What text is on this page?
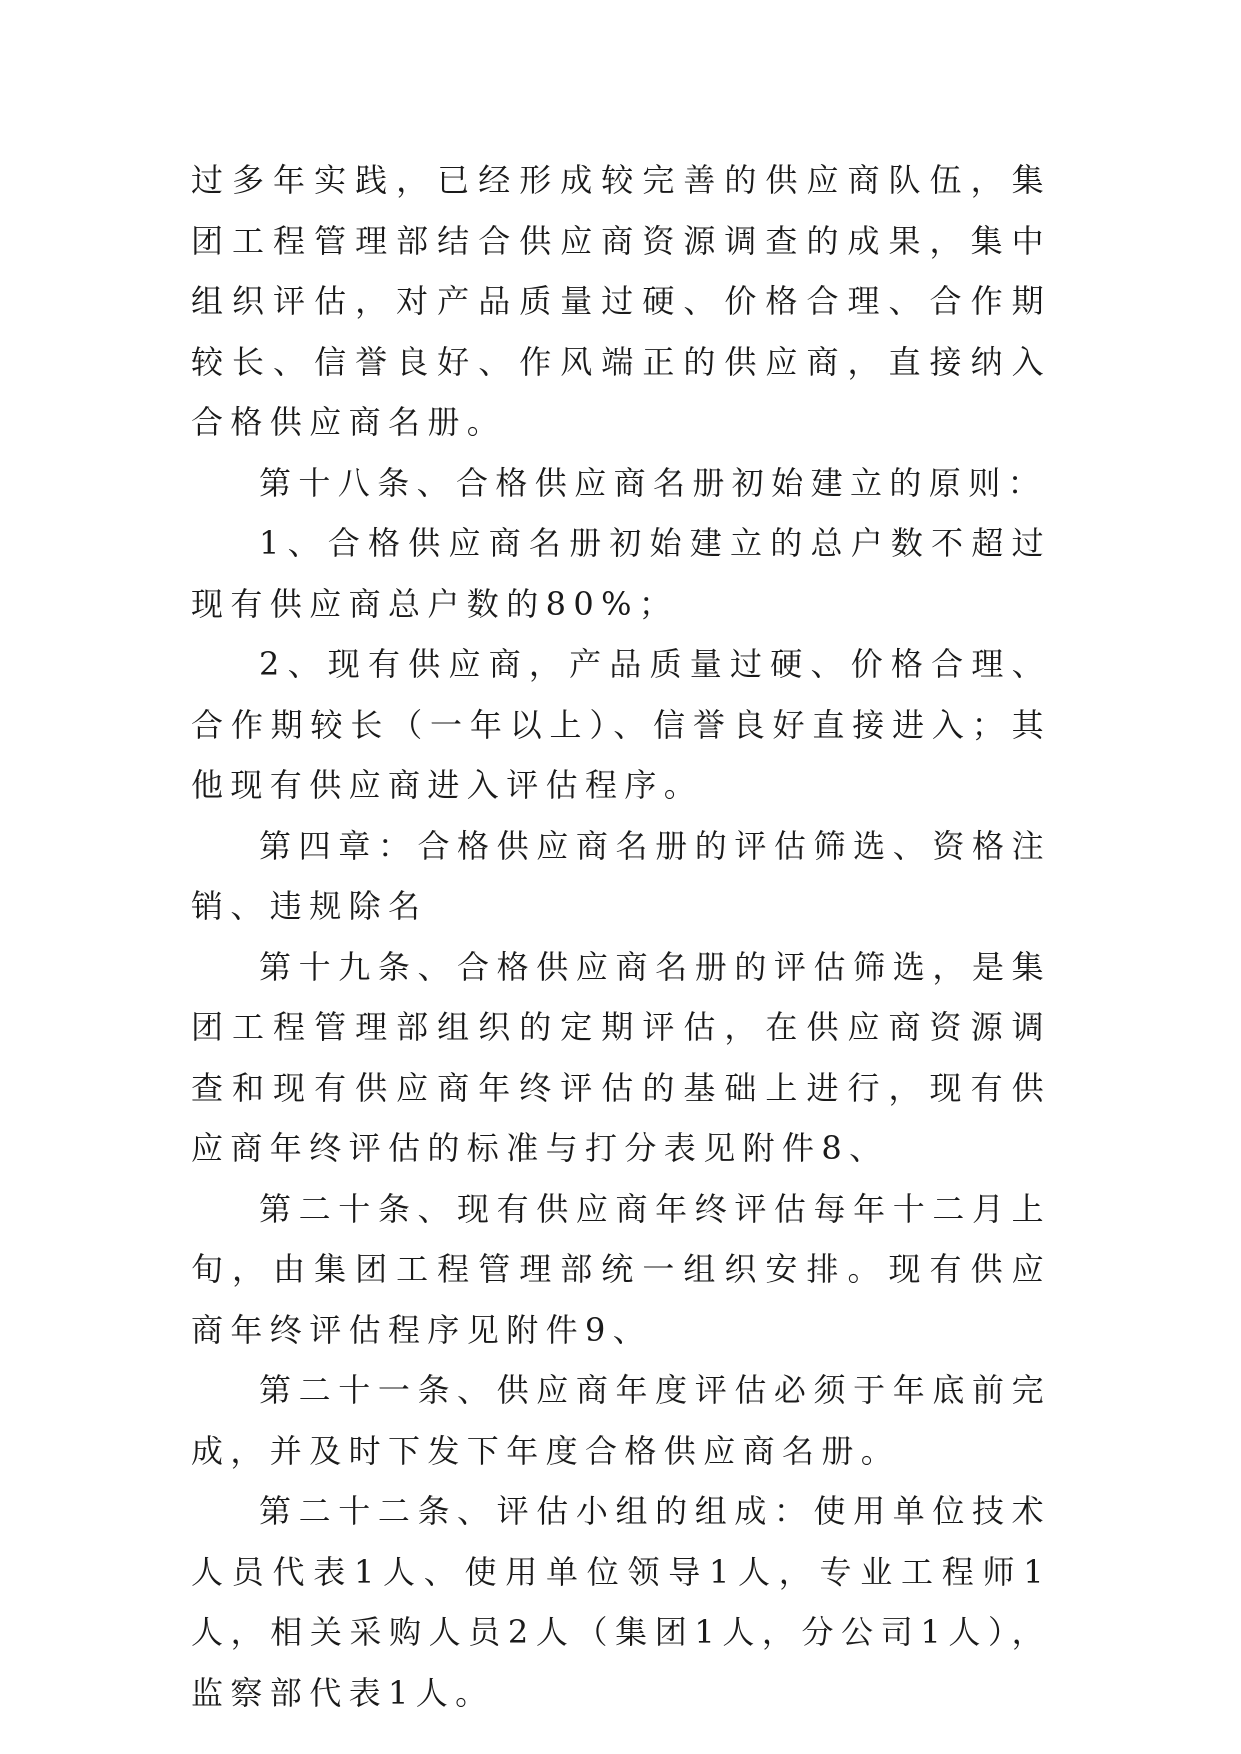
过多年实践，已经形成较完善的供应商队伍，集团工程管理部结合供应商资源调查的成果，集中组织评估，对产品质量过硬、价格合理、合作期较长、信誉良好、作风端正的供应商，直接纳入合格供应商名册。

第十八条、合格供应商名册初始建立的原则：

1、合格供应商名册初始建立的总户数不超过现有供应商总户数的80%；

2、现有供应商，产品质量过硬、价格合理、合作期较长（一年以上）、信誉良好直接进入；其他现有供应商进入评估程序。

第四章：合格供应商名册的评估筛选、资格注销、违规除名

第十九条、合格供应商名册的评估筛选，是集团工程管理部组织的定期评估，在供应商资源调查和现有供应商年终评估的基础上进行，现有供应商年终评估的标准与打分表见附件8、

第二十条、现有供应商年终评估每年十二月上旬，由集团工程管理部统一组织安排。现有供应商年终评估程序见附件9、

第二十一条、供应商年度评估必须于年底前完成，并及时下发下年度合格供应商名册。

第二十二条、评估小组的组成：使用单位技术人员代表1人、使用单位领导1人，专业工程师1人，相关采购人员2人（集团1人，分公司1人），监察部代表1人。
